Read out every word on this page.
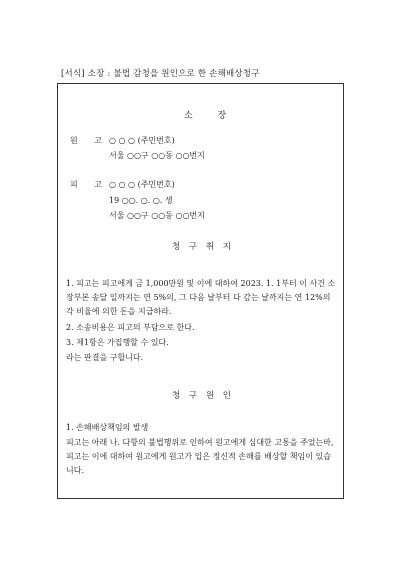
[서식] 소장 : 불법 감청을 원인으로 한 손해배상청구
소 장
원 고 ○ ○ ○ (주민번호)
서울 ○○구 ○○동 ○○번지
피 고 ○ ○ ○ (주민번호)
19 ○○. ○. ○. 생
서울 ○○구 ○○동 ○○번지
청 구 취 지
1. 피고는 피고에게 금 1,000만원 및 이에 대하여 2023. 1. 1부터 이 사건 소장부본 송달 일까지는 연 5%의, 그 다음 날부터 다 갚는 날까지는 연 12%의 각 비율에 의한 돈을 지급하라.
2. 소송비용은 피고의 부담으로 한다.
3. 제1항은 가집행할 수 있다.
라는 판결을 구합니다.
청 구 원 인
1. 손해배상책임의 발생
피고는 아래 나. 다항의 불법행위로 인하여 원고에게 심대한 고통을 주었는바, 피고는 이에 대하여 원고에게 원고가 입은 정신적 손해를 배상할 책임이 있습니다.
